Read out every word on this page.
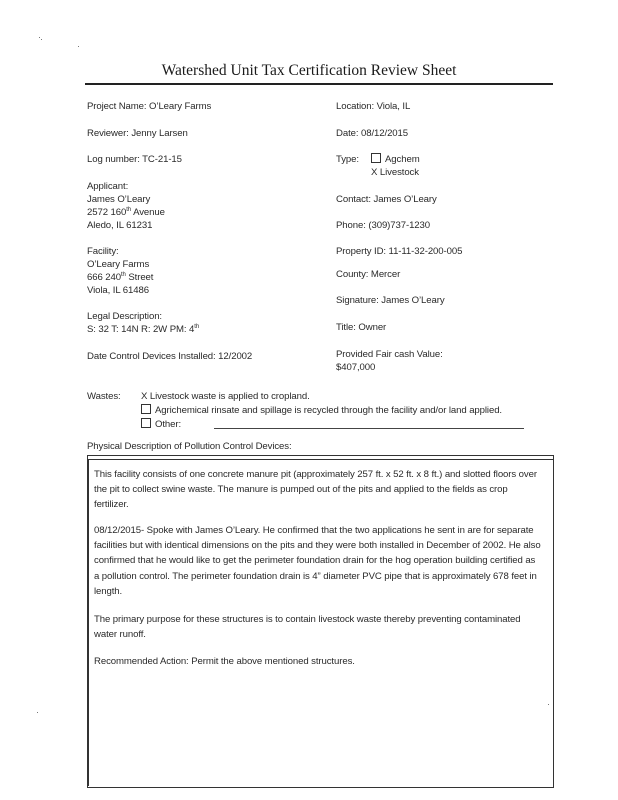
Watershed Unit Tax Certification Review Sheet
Project Name: O’Leary Farms
Reviewer: Jenny Larsen
Log number: TC-21-15
Applicant:
James O’Leary
2572 160th Avenue
Aledo, IL 61231
Facility:
O’Leary Farms
666 240th Street
Viola, IL 61486
Legal Description:
S: 32 T: 14N R: 2W PM: 4th
Date Control Devices Installed: 12/2002
Location: Viola, IL
Date: 08/12/2015
Type:	Agchem
X Livestock
Contact: James O’Leary
Phone: (309)737-1230
Property ID: 11-11-32-200-005
County: Mercer
Signature: James O’Leary
Title: Owner
Provided Fair cash Value:
$407,000
Wastes: X Livestock waste is applied to cropland.
Agrichemical rinsate and spillage is recycled through the facility and/or land applied.
Other:
Physical Description of Pollution Control Devices:
This facility consists of one concrete manure pit (approximately 257 ft. x 52 ft. x 8 ft.) and slotted floors over the pit to collect swine waste. The manure is pumped out of the pits and applied to the fields as crop fertilizer.
08/12/2015- Spoke with James O’Leary. He confirmed that the two applications he sent in are for separate facilities but with identical dimensions on the pits and they were both installed in December of 2002. He also confirmed that he would like to get the perimeter foundation drain for the hog operation building certified as a pollution control. The perimeter foundation drain is 4” diameter PVC pipe that is approximately 678 feet in length.
The primary purpose for these structures is to contain livestock waste thereby preventing contaminated water runoff.
Recommended Action: Permit the above mentioned structures.
